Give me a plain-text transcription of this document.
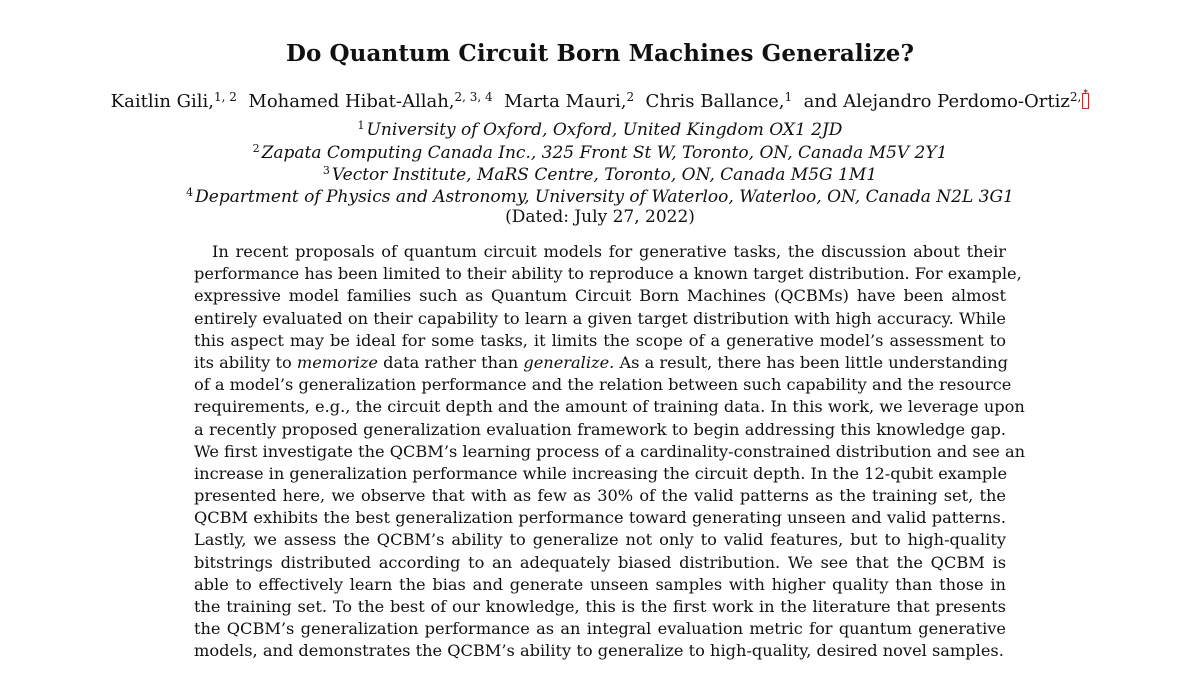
Do Quantum Circuit Born Machines Generalize?
Kaitlin Gili,$^{1, 2}$ Mohamed Hibat-Allah,$^{2, 3, 4}$ Marta Mauri,$^2$ Chris Ballance,$^1$ and Alejandro Perdomo-Ortiz$^{2,}$ *
$^1$ University of Oxford, Oxford, United Kingdom OX1 2JD
$^2$ Zapata Computing Canada Inc., 325 Front St W, Toronto, ON, Canada M5V 2Y1
$^3$ Vector Institute, MaRS Centre, Toronto, ON, Canada M5G 1M1
$^4$ Department of Physics and Astronomy, University of Waterloo, Waterloo, ON, Canada N2L 3G1
(Dated: July 27, 2022)
In recent proposals of quantum circuit models for generative tasks, the discussion about their
performance has been limited to their ability to reproduce a known target distribution. For example,
expressive model families such as Quantum Circuit Born Machines (QCBMs) have been almost
entirely evaluated on their capability to learn a given target distribution with high accuracy. While
this aspect may be ideal for some tasks, it limits the scope of a generative model’s assessment to
its ability to memorize data rather than generalize. As a result, there has been little understanding
of a model’s generalization performance and the relation between such capability and the resource
requirements, e.g., the circuit depth and the amount of training data. In this work, we leverage upon
a recently proposed generalization evaluation framework to begin addressing this knowledge gap.
We first investigate the QCBM’s learning process of a cardinality-constrained distribution and see an
increase in generalization performance while increasing the circuit depth. In the 12-qubit example
presented here, we observe that with as few as 30% of the valid patterns as the training set, the
QCBM exhibits the best generalization performance toward generating unseen and valid patterns.
Lastly, we assess the QCBM’s ability to generalize not only to valid features, but to high-quality
bitstrings distributed according to an adequately biased distribution. We see that the QCBM is
able to effectively learn the bias and generate unseen samples with higher quality than those in
the training set. To the best of our knowledge, this is the first work in the literature that presents
the QCBM’s generalization performance as an integral evaluation metric for quantum generative
models, and demonstrates the QCBM’s ability to generalize to high-quality, desired novel samples.
